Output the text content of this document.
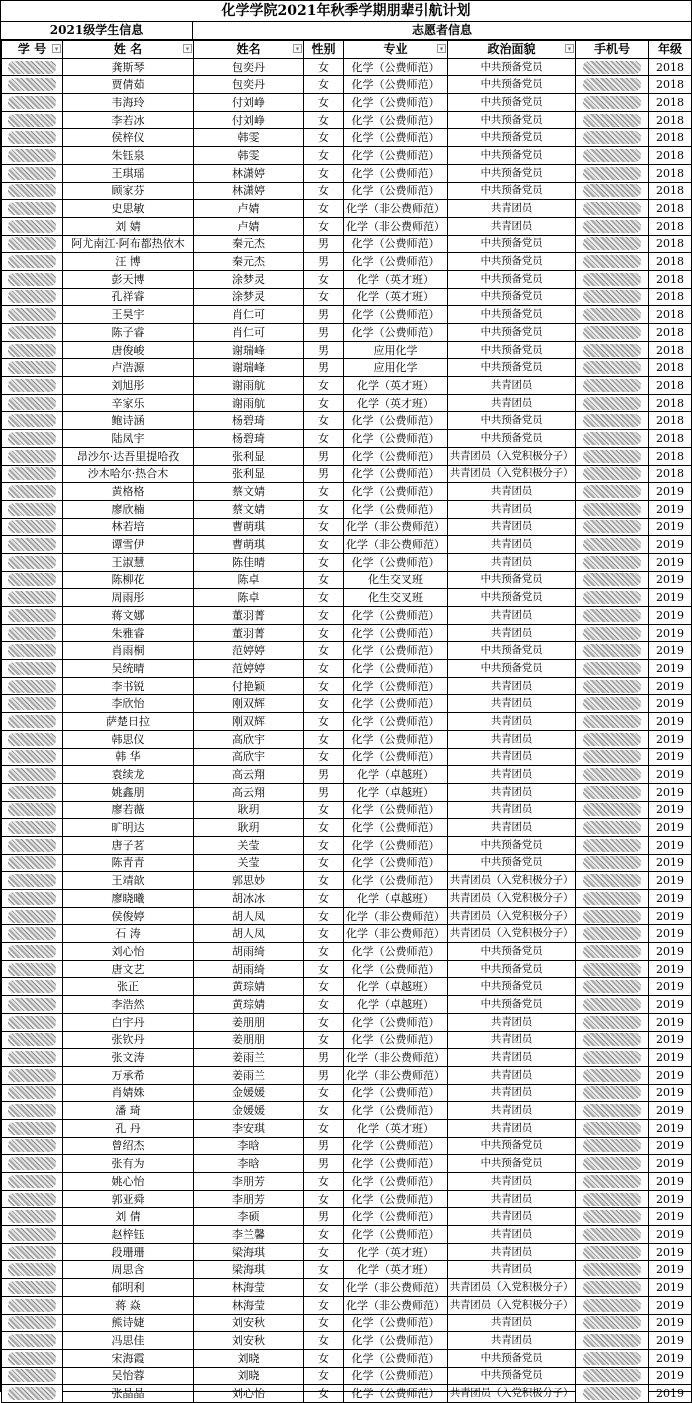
化学学院2021年秋季学期朋辈引航计划
2021级学生信息	志愿者信息
学 号 ▾	姓 名 ▾	姓名 ▾	性别	专业 ▾	政治面貌 ▾	手机号	年级

	龚斯琴	包奕丹	女	化学（公费师范）	中共预备党员		2018

	贾倩茹	包奕丹	女	化学（公费师范）	中共预备党员		2018

	韦海玲	付刘峥	女	化学（公费师范）	中共预备党员		2018

	李若冰	付刘峥	女	化学（公费师范）	中共预备党员		2018

	侯梓仪	韩雯	女	化学（公费师范）	中共预备党员		2018

	朱钰泉	韩雯	女	化学（公费师范）	中共预备党员		2018

	王琪瑶	林潇婷	女	化学（公费师范）	中共预备党员		2018

	顾家芬	林潇婷	女	化学（公费师范）	中共预备党员		2018

	史思敏	卢婧	女	化学（非公费师范）	共青团员		2018

	刘 婧	卢婧	女	化学（非公费师范）	共青团员		2018

	阿尤南江·阿布都热依木	秦元杰	男	化学（公费师范）	中共预备党员		2018

	汪 博	秦元杰	男	化学（公费师范）	中共预备党员		2018

	彭天博	涂梦灵	女	化学（英才班）	中共预备党员		2018

	孔祥睿	涂梦灵	女	化学（英才班）	中共预备党员		2018

	王昊宇	肖仁可	男	化学（公费师范）	中共预备党员		2018

	陈子睿	肖仁可	男	化学（公费师范）	中共预备党员		2018

	唐俊峻	谢瑞峰	男	应用化学	中共预备党员		2018

	卢浩源	谢瑞峰	男	应用化学	中共预备党员		2018

	刘旭彤	谢雨航	女	化学（英才班）	共青团员		2018

	辛家乐	谢雨航	女	化学（英才班）	共青团员		2018

	鲍诗涵	杨碧琦	女	化学（公费师范）	中共预备党员		2018

	陆凤宇	杨碧琦	女	化学（公费师范）	中共预备党员		2018

	昂沙尔·达吾里提哈孜	张利显	男	化学（公费师范）	共青团员（入党积极分子）		2018

	沙木哈尔·热合木	张利显	男	化学（公费师范）	共青团员（入党积极分子）		2018

	黄格格	蔡文婧	女	化学（公费师范）	共青团员		2019

	廖欣楠	蔡文婧	女	化学（公费师范）	共青团员		2019

	林若培	曹萌琪	女	化学（非公费师范）	共青团员		2019

	谭雪伊	曹萌琪	女	化学（非公费师范）	共青团员		2019

	王淑慧	陈佳晴	女	化学（公费师范）	共青团员		2019

	陈柳花	陈卓	女	化生交叉班	中共预备党员		2019

	周雨彤	陈卓	女	化生交叉班	中共预备党员		2019

	蒋文娜	董羽菁	女	化学（公费师范）	共青团员		2019

	朱雅睿	董羽菁	女	化学（公费师范）	共青团员		2019

	肖雨桐	范婷婷	女	化学（公费师范）	中共预备党员		2019

	吴统晴	范婷婷	女	化学（公费师范）	中共预备党员		2019

	李书锐	付艳颖	女	化学（公费师范）	共青团员		2019

	李欣怡	刚双辉	女	化学（公费师范）	共青团员		2019

	萨楚日拉	刚双辉	女	化学（公费师范）	共青团员		2019

	韩思仪	高欣宇	女	化学（公费师范）	共青团员		2019

	韩 华	高欣宇	女	化学（公费师范）	共青团员		2019

	袁续龙	高云翔	男	化学（卓越班）	共青团员		2019

	姚鑫朋	高云翔	男	化学（卓越班）	共青团员		2019

	廖若薇	耿玥	女	化学（公费师范）	共青团员		2019

	旷明达	耿玥	女	化学（公费师范）	共青团员		2019

	唐子茗	关莹	女	化学（公费师范）	中共预备党员		2019

	陈青青	关莹	女	化学（公费师范）	中共预备党员		2019

	王靖歆	郭思妙	女	化学（公费师范）	共青团员（入党积极分子）		2019

	廖晓曦	胡冰冰	女	化学（卓越班）	共青团员（入党积极分子）		2019

	侯俊婷	胡人凤	女	化学（非公费师范）	共青团员（入党积极分子）		2019

	石 涛	胡人凤	女	化学（非公费师范）	共青团员（入党积极分子）		2019

	刘心怡	胡雨绮	女	化学（公费师范）	中共预备党员		2019

	唐文艺	胡雨绮	女	化学（公费师范）	中共预备党员		2019

	张正	黄琮婧	女	化学（卓越班）	中共预备党员		2019

	李浩然	黄琮婧	女	化学（卓越班）	中共预备党员		2019

	白宇丹	姜朋朋	女	化学（公费师范）	共青团员		2019

	张钦丹	姜朋朋	女	化学（公费师范）	共青团员		2019

	张文涛	姜雨兰	男	化学（非公费师范）	共青团员		2019

	万承希	姜雨兰	男	化学（非公费师范）	共青团员		2019

	肖婧姝	金媛媛	女	化学（公费师范）	共青团员		2019

	潘 琦	金媛媛	女	化学（公费师范）	共青团员		2019

	孔 丹	李安琪	女	化学（英才班）	共青团员		2019

	曾绍杰	李晗	男	化学（公费师范）	中共预备党员		2019

	张有为	李晗	男	化学（公费师范）	中共预备党员		2019

	姚心怡	李朋芳	女	化学（公费师范）	共青团员		2019

	郭亚舜	李朋芳	女	化学（公费师范）	共青团员		2019

	刘 倩	李硕	男	化学（公费师范）	共青团员		2019

	赵梓钰	李兰馨	女	化学（公费师范）	共青团员		2019

	段珊珊	梁海琪	女	化学（英才班）	共青团员		2019

	周思含	梁海琪	女	化学（英才班）	共青团员		2019

	郁明利	林海莹	女	化学（非公费师范）	共青团员（入党积极分子）		2019

	蒋 焱	林海莹	女	化学（非公费师范）	共青团员（入党积极分子）		2019

	熊诗婕	刘安秋	女	化学（公费师范）	共青团员		2019

	冯思佳	刘安秋	女	化学（公费师范）	共青团员		2019

	宋海霞	刘晓	女	化学（公费师范）	中共预备党员		2019

	吴怡蓉	刘晓	女	化学（公费师范）	中共预备党员		2019

	张晶晶	刘心怡	女	化学（公费师范）	共青团员（入党积极分子）		2019
